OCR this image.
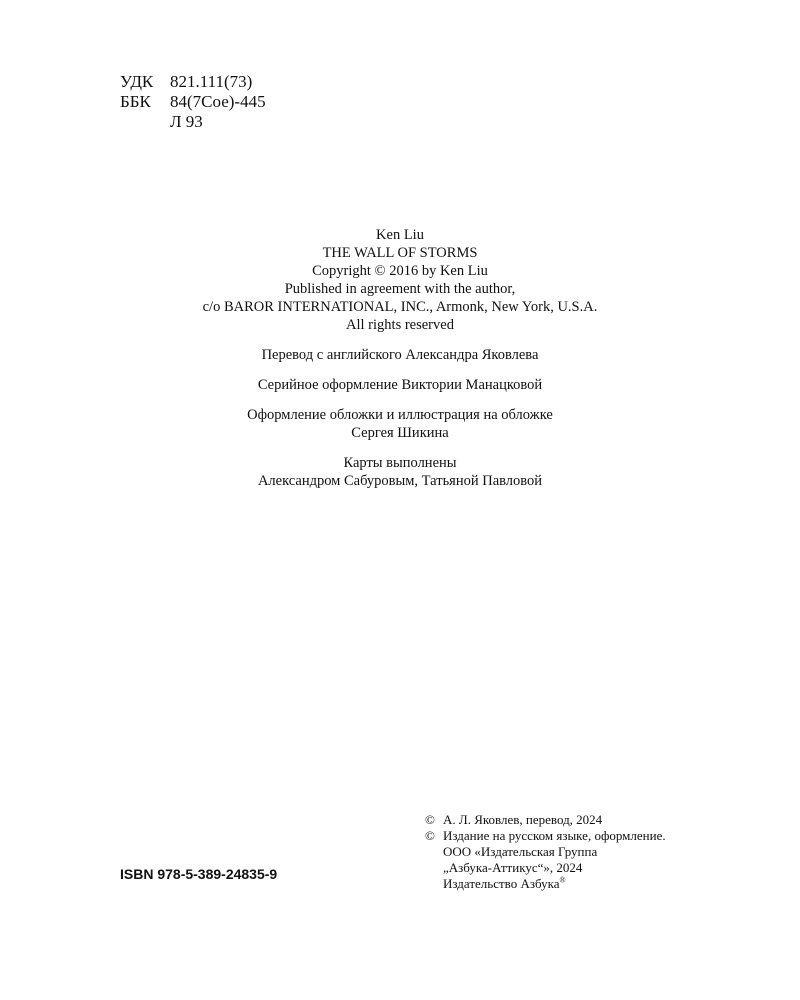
УДК 821.111(73)
ББК	84(7Сое)-445
Л 93
Ken Liu
THE WALL OF STORMS
Copyright © 2016 by Ken Liu
Published in agreement with the author,
c/o BAROR INTERNATIONAL, INC., Armonk, New York, U.S.A.
All rights reserved
Перевод с английского Александра Яковлева
Серийное оформление Виктории Манацковой
Оформление обложки и иллюстрация на обложке
Сергея Шикина
Карты выполнены
Александром Сабуровым, Татьяной Павловой
ISBN 978-5-389-24835-9
© А. Л. Яковлев, перевод, 2024
© Издание на русском языке, оформление.
ООО «Издательская Группа
„Азбука-Аттикус“», 2024
Издательство Азбука®
